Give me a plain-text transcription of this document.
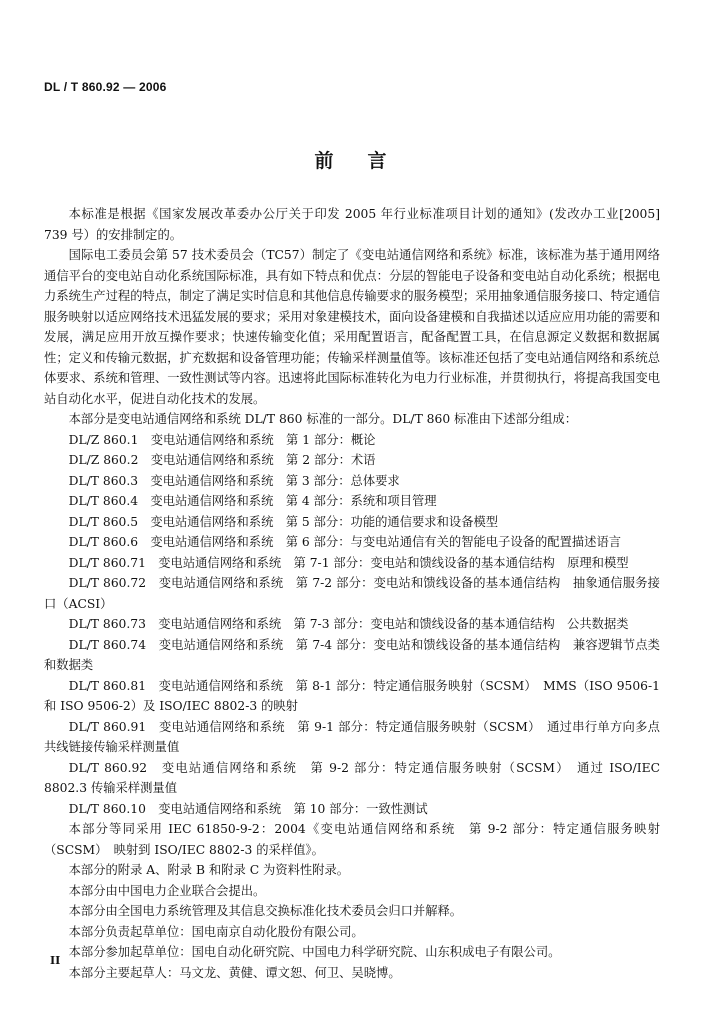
DL / T 860.92 — 2006
前言

本标准是根据《国家发展改革委办公厅关于印发 2005 年行业标准项目计划的通知》(发改办工业[2005] 739 号）的安排制定的。

国际电工委员会第 57 技术委员会（TC57）制定了《变电站通信网络和系统》标准，该标准为基于通用网络通信平台的变电站自动化系统国际标准，具有如下特点和优点：分层的智能电子设备和变电站自动化系统；根据电力系统生产过程的特点，制定了满足实时信息和其他信息传输要求的服务模型；采用抽象通信服务接口、特定通信服务映射以适应网络技术迅猛发展的要求；采用对象建模技术，面向设备建模和自我描述以适应应用功能的需要和发展，满足应用开放互操作要求；快速传输变化值；采用配置语言，配备配置工具，在信息源定义数据和数据属性；定义和传输元数据，扩充数据和设备管理功能；传输采样测量值等。该标准还包括了变电站通信网络和系统总体要求、系统和管理、一致性测试等内容。迅速将此国际标准转化为电力行业标准，并贯彻执行，将提高我国变电站自动化水平，促进自动化技术的发展。

本部分是变电站通信网络和系统 DL/T 860 标准的一部分。DL/T 860 标准由下述部分组成：

DL/Z 860.1　 变电站通信网络和系统　 第 1 部分：概论

DL/Z 860.2　 变电站通信网络和系统　 第 2 部分：术语

DL/T 860.3　 变电站通信网络和系统　 第 3 部分：总体要求

DL/T 860.4　 变电站通信网络和系统　 第 4 部分：系统和项目管理

DL/T 860.5　 变电站通信网络和系统　 第 5 部分：功能的通信要求和设备模型

DL/T 860.6　 变电站通信网络和系统　 第 6 部分：与变电站通信有关的智能电子设备的配置描述语言

DL/T 860.71　 变电站通信网络和系统　 第 7-1 部分：变电站和馈线设备的基本通信结构　原理和模型

DL/T 860.72　 变电站通信网络和系统　 第 7-2 部分：变电站和馈线设备的基本通信结构　抽象通信服务接口（ACSI）

DL/T 860.73　 变电站通信网络和系统　 第 7-3 部分：变电站和馈线设备的基本通信结构　公共数据类

DL/T 860.74　 变电站通信网络和系统　 第 7-4 部分：变电站和馈线设备的基本通信结构　兼容逻辑节点类和数据类

DL/T 860.81　 变电站通信网络和系统　 第 8-1 部分：特定通信服务映射（SCSM）　MMS（ISO 9506-1 和 ISO 9506-2）及 ISO/IEC 8802-3 的映射

DL/T 860.91　 变电站通信网络和系统　 第 9-1 部分：特定通信服务映射（SCSM）　通过串行单方向多点共线链接传输采样测量值

DL/T 860.92　 变电站通信网络和系统　 第 9-2 部分：特定通信服务映射（SCSM）　通过 ISO/IEC 8802.3 传输采样测量值

DL/T 860.10　 变电站通信网络和系统　 第 10 部分：一致性测试

本部分等同采用 IEC 61850-9-2：2004《变电站通信网络和系统　第 9-2 部分：特定通信服务映射（SCSM）　映射到 ISO/IEC 8802-3 的采样值》。

本部分的附录 A、附录 B 和附录 C 为资料性附录。

本部分由中国电力企业联合会提出。

本部分由全国电力系统管理及其信息交换标准化技术委员会归口并解释。

本部分负责起草单位：国电南京自动化股份有限公司。

本部分参加起草单位：国电自动化研究院、中国电力科学研究院、山东积成电子有限公司。

本部分主要起草人：马文龙、黄健、谭文恕、何卫、吴晓博。

II
